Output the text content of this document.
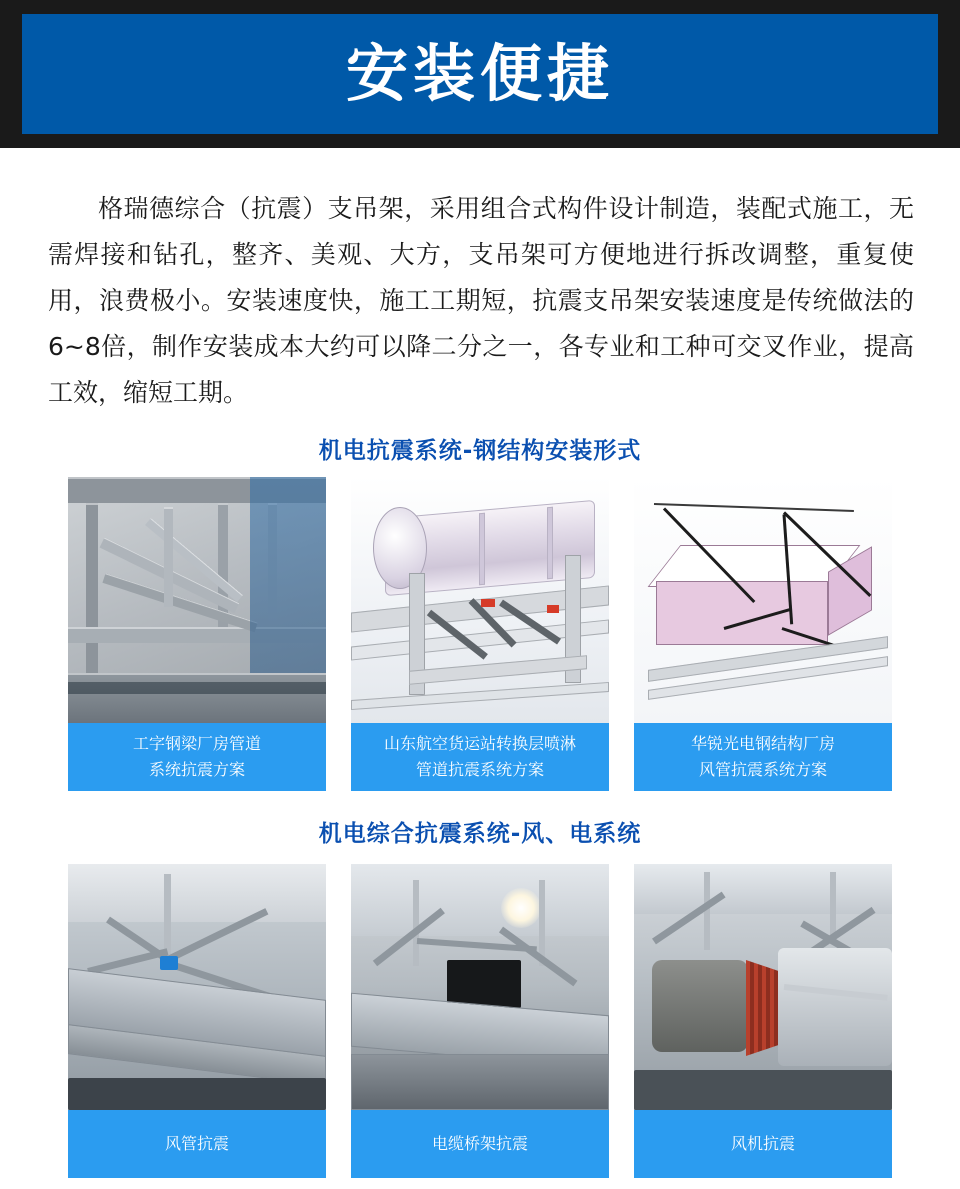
安装便捷
格瑞德综合（抗震）支吊架，采用组合式构件设计制造，装配式施工，无需焊接和钻孔，整齐、美观、大方，支吊架可方便地进行拆改调整，重复使用，浪费极小。安装速度快，施工工期短，抗震支吊架安装速度是传统做法的6~8倍，制作安装成本大约可以降二分之一，各专业和工种可交叉作业，提高工效，缩短工期。
机电抗震系统-钢结构安装形式
工字钢梁厂房管道
系统抗震方案
山东航空货运站转换层喷淋
管道抗震系统方案
华锐光电钢结构厂房
风管抗震系统方案
机电综合抗震系统-风、电系统
风管抗震	电缆桥架抗震	风机抗震
